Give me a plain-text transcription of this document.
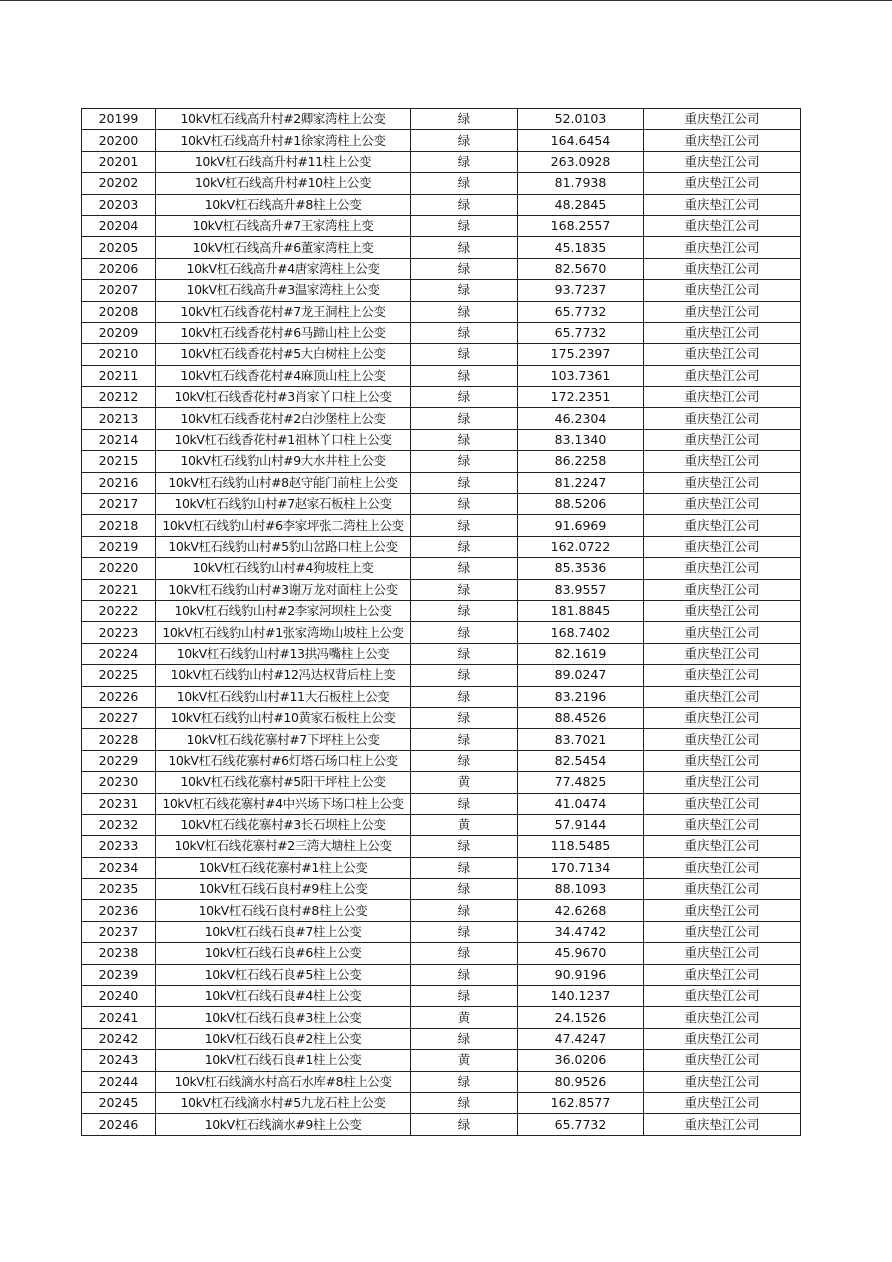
20199	10kV杠石线高升村#2卿家湾柱上公变	绿	52.0103	重庆垫江公司

20200	10kV杠石线高升村#1徐家湾柱上公变	绿	164.6454	重庆垫江公司

20201	10kV杠石线高升村#11柱上公变	绿	263.0928	重庆垫江公司

20202	10kV杠石线高升村#10柱上公变	绿	81.7938	重庆垫江公司

20203	10kV杠石线高升#8柱上公变	绿	48.2845	重庆垫江公司

20204	10kV杠石线高升#7王家湾柱上变	绿	168.2557	重庆垫江公司

20205	10kV杠石线高升#6董家湾柱上变	绿	45.1835	重庆垫江公司

20206	10kV杠石线高升#4唐家湾柱上公变	绿	82.5670	重庆垫江公司

20207	10kV杠石线高升#3温家湾柱上公变	绿	93.7237	重庆垫江公司

20208	10kV杠石线香花村#7龙王洞柱上公变	绿	65.7732	重庆垫江公司

20209	10kV杠石线香花村#6马蹄山柱上公变	绿	65.7732	重庆垫江公司

20210	10kV杠石线香花村#5大白树柱上公变	绿	175.2397	重庆垫江公司

20211	10kV杠石线香花村#4麻顶山柱上公变	绿	103.7361	重庆垫江公司

20212	10kV杠石线香花村#3肖家丫口柱上公变	绿	172.2351	重庆垫江公司

20213	10kV杠石线香花村#2白沙堡柱上公变	绿	46.2304	重庆垫江公司

20214	10kV杠石线香花村#1祖林丫口柱上公变	绿	83.1340	重庆垫江公司

20215	10kV杠石线豹山村#9大水井柱上公变	绿	86.2258	重庆垫江公司

20216	10kV杠石线豹山村#8赵守能门前柱上公变	绿	81.2247	重庆垫江公司

20217	10kV杠石线豹山村#7赵家石板柱上公变	绿	88.5206	重庆垫江公司

20218	10kV杠石线豹山村#6李家坪张二湾柱上公变	绿	91.6969	重庆垫江公司

20219	10kV杠石线豹山村#5豹山岔路口柱上公变	绿	162.0722	重庆垫江公司

20220	10kV杠石线豹山村#4狗坡柱上变	绿	85.3536	重庆垫江公司

20221	10kV杠石线豹山村#3谢万龙对面柱上公变	绿	83.9557	重庆垫江公司

20222	10kV杠石线豹山村#2李家河坝柱上公变	绿	181.8845	重庆垫江公司

20223	10kV杠石线豹山村#1张家湾坳山坡柱上公变	绿	168.7402	重庆垫江公司

20224	10kV杠石线豹山村#13拱冯嘴柱上公变	绿	82.1619	重庆垫江公司

20225	10kV杠石线豹山村#12冯达权背后柱上变	绿	89.0247	重庆垫江公司

20226	10kV杠石线豹山村#11大石板柱上公变	绿	83.2196	重庆垫江公司

20227	10kV杠石线豹山村#10黄家石板柱上公变	绿	88.4526	重庆垫江公司

20228	10kV杠石线花寨村#7下坪柱上公变	绿	83.7021	重庆垫江公司

20229	10kV杠石线花寨村#6灯塔石场口柱上公变	绿	82.5454	重庆垫江公司

20230	10kV杠石线花寨村#5阳干坪柱上公变	黄	77.4825	重庆垫江公司

20231	10kV杠石线花寨村#4中兴场下场口柱上公变	绿	41.0474	重庆垫江公司

20232	10kV杠石线花寨村#3长石坝柱上公变	黄	57.9144	重庆垫江公司

20233	10kV杠石线花寨村#2三湾大塘柱上公变	绿	118.5485	重庆垫江公司

20234	10kV杠石线花寨村#1柱上公变	绿	170.7134	重庆垫江公司

20235	10kV杠石线石良村#9柱上公变	绿	88.1093	重庆垫江公司

20236	10kV杠石线石良村#8柱上公变	绿	42.6268	重庆垫江公司

20237	10kV杠石线石良#7柱上公变	绿	34.4742	重庆垫江公司

20238	10kV杠石线石良#6柱上公变	绿	45.9670	重庆垫江公司

20239	10kV杠石线石良#5柱上公变	绿	90.9196	重庆垫江公司

20240	10kV杠石线石良#4柱上公变	绿	140.1237	重庆垫江公司

20241	10kV杠石线石良#3柱上公变	黄	24.1526	重庆垫江公司

20242	10kV杠石线石良#2柱上公变	绿	47.4247	重庆垫江公司

20243	10kV杠石线石良#1柱上公变	黄	36.0206	重庆垫江公司

20244	10kV杠石线滴水村高石水库#8柱上公变	绿	80.9526	重庆垫江公司

20245	10kV杠石线滴水村#5九龙石柱上公变	绿	162.8577	重庆垫江公司

20246	10kV杠石线滴水#9柱上公变	绿	65.7732	重庆垫江公司
